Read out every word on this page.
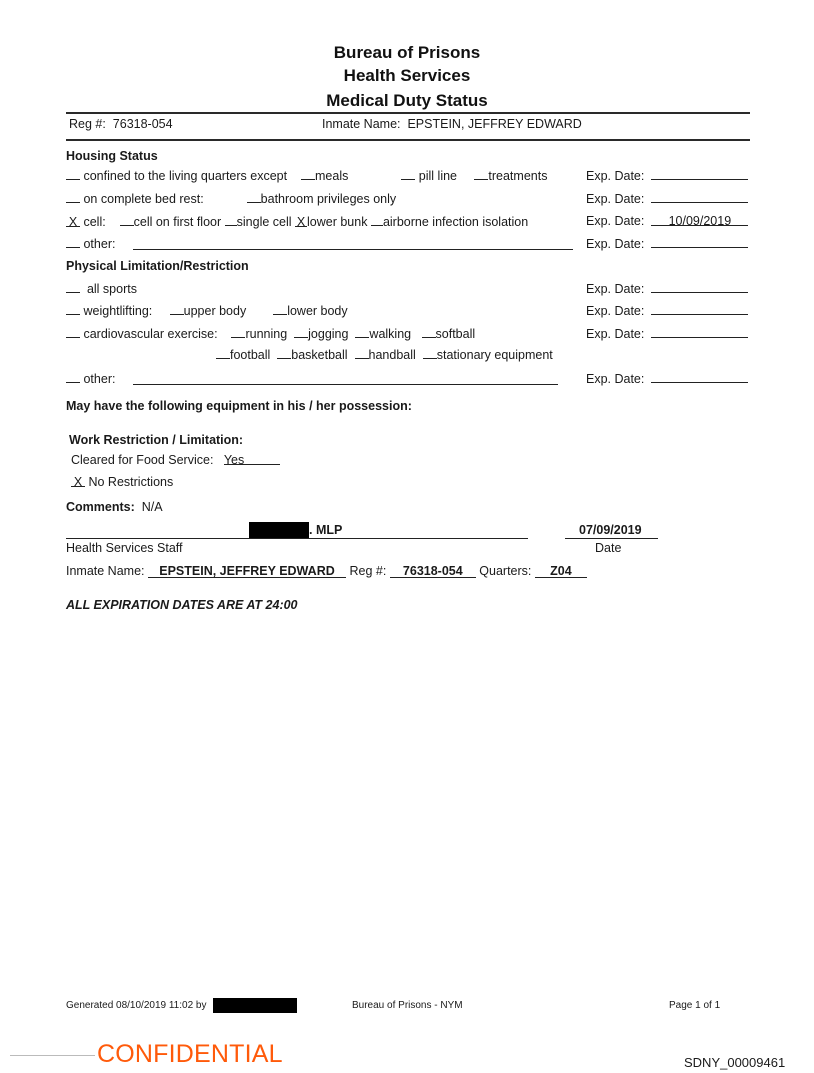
Bureau of Prisons
Health Services
Medical Duty Status
Reg #: 76318-054	Inmate Name: EPSTEIN, JEFFREY EDWARD
Housing Status
confined to the living quarters except meals	pill line	treatments	Exp. Date:
on complete bed rest:	bathroom privileges only	Exp. Date:
X cell: cell on first floor single cell X lower bunk airborne infection isolation	Exp. Date: 10/09/2019
other:	Exp. Date:
Physical Limitation/Restriction
all sports	Exp. Date:
weightlifting:	upper body	lower body	Exp. Date:
cardiovascular exercise: running jogging walking softball	Exp. Date:
football basketball handball stationary equipment
other:	Exp. Date:
May have the following equipment in his / her possession:
Work Restriction / Limitation:
Cleared for Food Service: Yes
X No Restrictions
Comments: N/A
. MLP	07/09/2019
Health Services Staff	Date
Inmate Name: EPSTEIN, JEFFREY EDWARD Reg #: 76318-054 Quarters: Z04
ALL EXPIRATION DATES ARE AT 24:00
Generated 08/10/2019 11:02 by	Bureau of Prisons - NYM	Page 1 of 1
CONFIDENTIAL	SDNY_00009461
